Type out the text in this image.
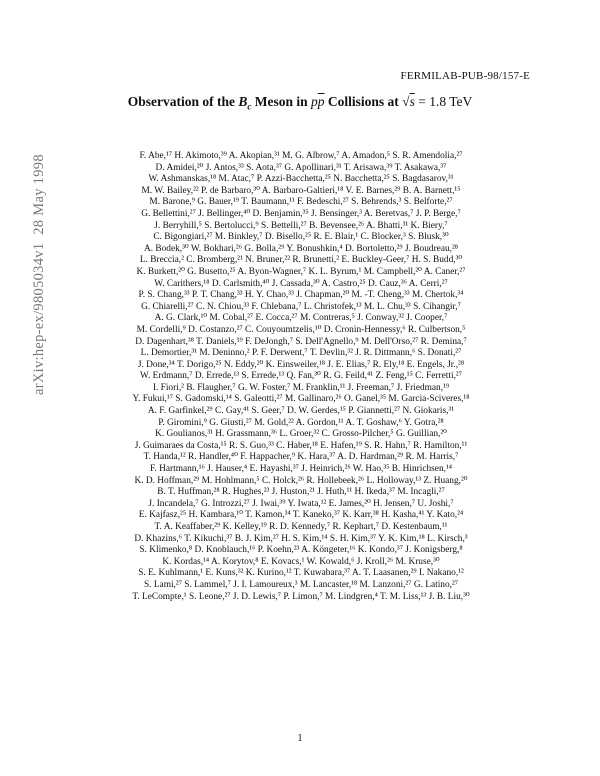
FERMILAB-PUB-98/157-E
Observation of the $B_c$ Meson in $p\overline{p}$ Collisions at √s = 1.8 TeV
arXiv:hep-ex/9805034v1  28 May 1998	F. Abe,¹⁷ H. Akimoto,³⁹ A. Akopian,³¹ M. G. Albrow,⁷ A. Amadon,⁵ S. R. Amendolia,²⁷
D. Amidei,²⁰ J. Antos,³³ S. Aota,³⁷ G. Apollinari,³¹ T. Arisawa,³⁹ T. Asakawa,³⁷
W. Ashmanskas,¹⁸ M. Atac,⁷ P. Azzi-Bacchetta,²⁵ N. Bacchetta,²⁵ S. Bagdasarov,³¹
M. W. Bailey,²² P. de Barbaro,³⁰ A. Barbaro-Galtieri,¹⁸ V. E. Barnes,²⁹ B. A. Barnett,¹⁵
M. Barone,⁹ G. Bauer,¹⁹ T. Baumann,¹¹ F. Bedeschi,²⁷ S. Behrends,³ S. Belforte,²⁷
G. Bellettini,²⁷ J. Bellinger,⁴⁰ D. Benjamin,³⁵ J. Bensinger,³ A. Beretvas,⁷ J. P. Berge,⁷
J. Berryhill,⁵ S. Bertolucci,⁹ S. Bettelli,²⁷ B. Bevensee,²⁶ A. Bhatti,³¹ K. Biery,⁷
C. Bigongiari,²⁷ M. Binkley,⁷ D. Bisello,²⁵ R. E. Blair,¹ C. Blocker,³ S. Blusk,³⁰
A. Bodek,³⁰ W. Bokhari,²⁶ G. Bolla,²⁹ Y. Bonushkin,⁴ D. Bortoletto,²⁹ J. Boudreau,²⁸
L. Breccia,² C. Bromberg,²¹ N. Bruner,²² R. Brunetti,² E. Buckley-Geer,⁷ H. S. Budd,³⁰
K. Burkett,²⁰ G. Busetto,²⁵ A. Byon-Wagner,⁷ K. L. Byrum,¹ M. Campbell,²⁰ A. Caner,²⁷
W. Carithers,¹⁸ D. Carlsmith,⁴⁰ J. Cassada,³⁰ A. Castro,²⁵ D. Cauz,³⁶ A. Cerri,²⁷
P. S. Chang,³³ P. T. Chang,³³ H. Y. Chao,³³ J. Chapman,²⁰ M. -T. Cheng,³³ M. Chertok,³⁴
G. Chiarelli,²⁷ C. N. Chiou,³³ F. Chlebana,⁷ L. Christofek,¹³ M. L. Chu,³³ S. Cihangir,⁷
A. G. Clark,¹⁰ M. Cobal,²⁷ E. Cocca,²⁷ M. Contreras,⁵ J. Conway,³² J. Cooper,⁷
M. Cordelli,⁹ D. Costanzo,²⁷ C. Couyoumtzelis,¹⁰ D. Cronin-Hennessy,⁶ R. Culbertson,⁵
D. Dagenhart,³⁸ T. Daniels,¹⁹ F. DeJongh,⁷ S. Dell'Agnello,⁹ M. Dell'Orso,²⁷ R. Demina,⁷
L. Demortier,³¹ M. Deninno,² P. F. Derwent,⁷ T. Devlin,³² J. R. Dittmann,⁶ S. Donati,²⁷
J. Done,³⁴ T. Dorigo,²⁵ N. Eddy,²⁰ K. Einsweiler,¹⁸ J. E. Elias,⁷ R. Ely,¹⁸ E. Engels, Jr.,²⁸
W. Erdmann,⁷ D. Errede,¹³ S. Errede,¹³ Q. Fan,³⁰ R. G. Feild,⁴¹ Z. Feng,¹⁵ C. Ferretti,²⁷
I. Fiori,² B. Flaugher,⁷ G. W. Foster,⁷ M. Franklin,¹¹ J. Freeman,⁷ J. Friedman,¹⁹
Y. Fukui,¹⁷ S. Gadomski,¹⁴ S. Galeotti,²⁷ M. Gallinaro,²⁶ O. Ganel,³⁵ M. Garcia-Sciveres,¹⁸
A. F. Garfinkel,²⁹ C. Gay,⁴¹ S. Geer,⁷ D. W. Gerdes,¹⁵ P. Giannetti,²⁷ N. Giokaris,³¹
P. Giromini,⁹ G. Giusti,²⁷ M. Gold,²² A. Gordon,¹¹ A. T. Goshaw,⁶ Y. Gotra,²⁸
K. Goulianos,³¹ H. Grassmann,³⁶ L. Groer,³² C. Grosso-Pilcher,⁵ G. Guillian,²⁰
J. Guimaraes da Costa,¹⁵ R. S. Guo,³³ C. Haber,¹⁸ E. Hafen,¹⁹ S. R. Hahn,⁷ R. Hamilton,¹¹
T. Handa,¹² R. Handler,⁴⁰ F. Happacher,⁹ K. Hara,³⁷ A. D. Hardman,²⁹ R. M. Harris,⁷
F. Hartmann,¹⁶ J. Hauser,⁴ E. Hayashi,³⁷ J. Heinrich,²⁶ W. Hao,³⁵ B. Hinrichsen,¹⁴
K. D. Hoffman,²⁹ M. Hohlmann,⁵ C. Holck,²⁶ R. Hollebeek,²⁶ L. Holloway,¹³ Z. Huang,²⁰
B. T. Huffman,²⁸ R. Hughes,²³ J. Huston,²¹ J. Huth,¹¹ H. Ikeda,³⁷ M. Incagli,²⁷
J. Incandela,⁷ G. Introzzi,²⁷ J. Iwai,³⁹ Y. Iwata,¹² E. James,²⁰ H. Jensen,⁷ U. Joshi,⁷
E. Kajfasz,²⁵ H. Kambara,¹⁰ T. Kamon,³⁴ T. Kaneko,³⁷ K. Karr,³⁸ H. Kasha,⁴¹ Y. Kato,²⁴
T. A. Keaffaber,²⁹ K. Kelley,¹⁹ R. D. Kennedy,⁷ R. Kephart,⁷ D. Kestenbaum,¹¹
D. Khazins,⁶ T. Kikuchi,³⁷ B. J. Kim,²⁷ H. S. Kim,¹⁴ S. H. Kim,³⁷ Y. K. Kim,¹⁸ L. Kirsch,³
S. Klimenko,⁸ D. Knoblauch,¹⁶ P. Koehn,²³ A. Köngeter,¹⁶ K. Kondo,³⁷ J. Konigsberg,⁸
K. Kordas,¹⁴ A. Korytov,⁸ E. Kovacs,¹ W. Kowald,⁶ J. Kroll,²⁶ M. Kruse,³⁰
S. E. Kuhlmann,¹ E. Kuns,³² K. Kurino,¹² T. Kuwabara,³⁷ A. T. Laasanen,²⁹ I. Nakano,¹²
S. Lami,²⁷ S. Lammel,⁷ J. I. Lamoureux,³ M. Lancaster,¹⁸ M. Lanzoni,²⁷ G. Latino,²⁷
T. LeCompte,¹ S. Leone,²⁷ J. D. Lewis,⁷ P. Limon,⁷ M. Lindgren,⁴ T. M. Liss,¹³ J. B. Liu,³⁰
1
